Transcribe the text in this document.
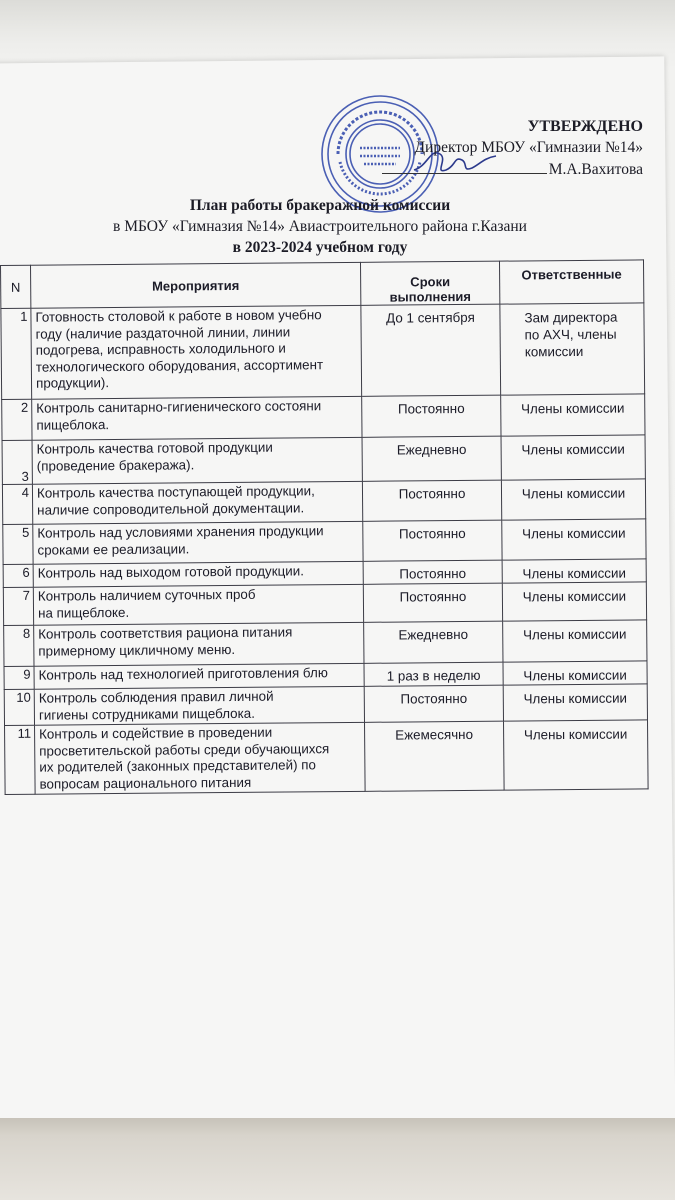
УТВЕРЖДЕНО
Директор МБОУ «Гимназии №14»
М.А.Вахитова
План работы бракеражной комиссии
в МБОУ «Гимназия №14» Авиастроительного района г.Казани
в 2023-2024 учебном году
N	Мероприятия	Сроки выполнения	Ответственные
1	Готовность столовой к работе в новом учебно
году (наличие раздаточной линии, линии
подогрева, исправность холодильного и
технологического оборудования, ассортимент
продукции).	До 1 сентября	Зам директора
по АХЧ, члены
комиссии

2	Контроль санитарно-гигиенического состояни
пищеблока.	Постоянно	Члены комиссии

3	Контроль качества готовой продукции
(проведение бракеража).	Ежедневно	Члены комиссии

4	Контроль качества поступающей продукции,
наличие сопроводительной документации.	Постоянно	Члены комиссии

5	Контроль над условиями хранения продукции
сроками ее реализации.	Постоянно	Члены комиссии

6	Контроль над выходом готовой продукции.	Постоянно	Члены комиссии

7	Контроль наличием суточных проб
на пищеблоке.	Постоянно	Члены комиссии

8	Контроль соответствия рациона питания
примерному цикличному меню.	Ежедневно	Члены комиссии

9	Контроль над технологией приготовления блю	1 раз в неделю	Члены комиссии

10	Контроль соблюдения правил личной
гигиены сотрудниками пищеблока.	Постоянно	Члены комиссии

11	Контроль и содействие в проведении
просветительской работы среди обучающихся
их родителей (законных представителей) по
вопросам рационального питания	Ежемесячно	Члены комиссии
